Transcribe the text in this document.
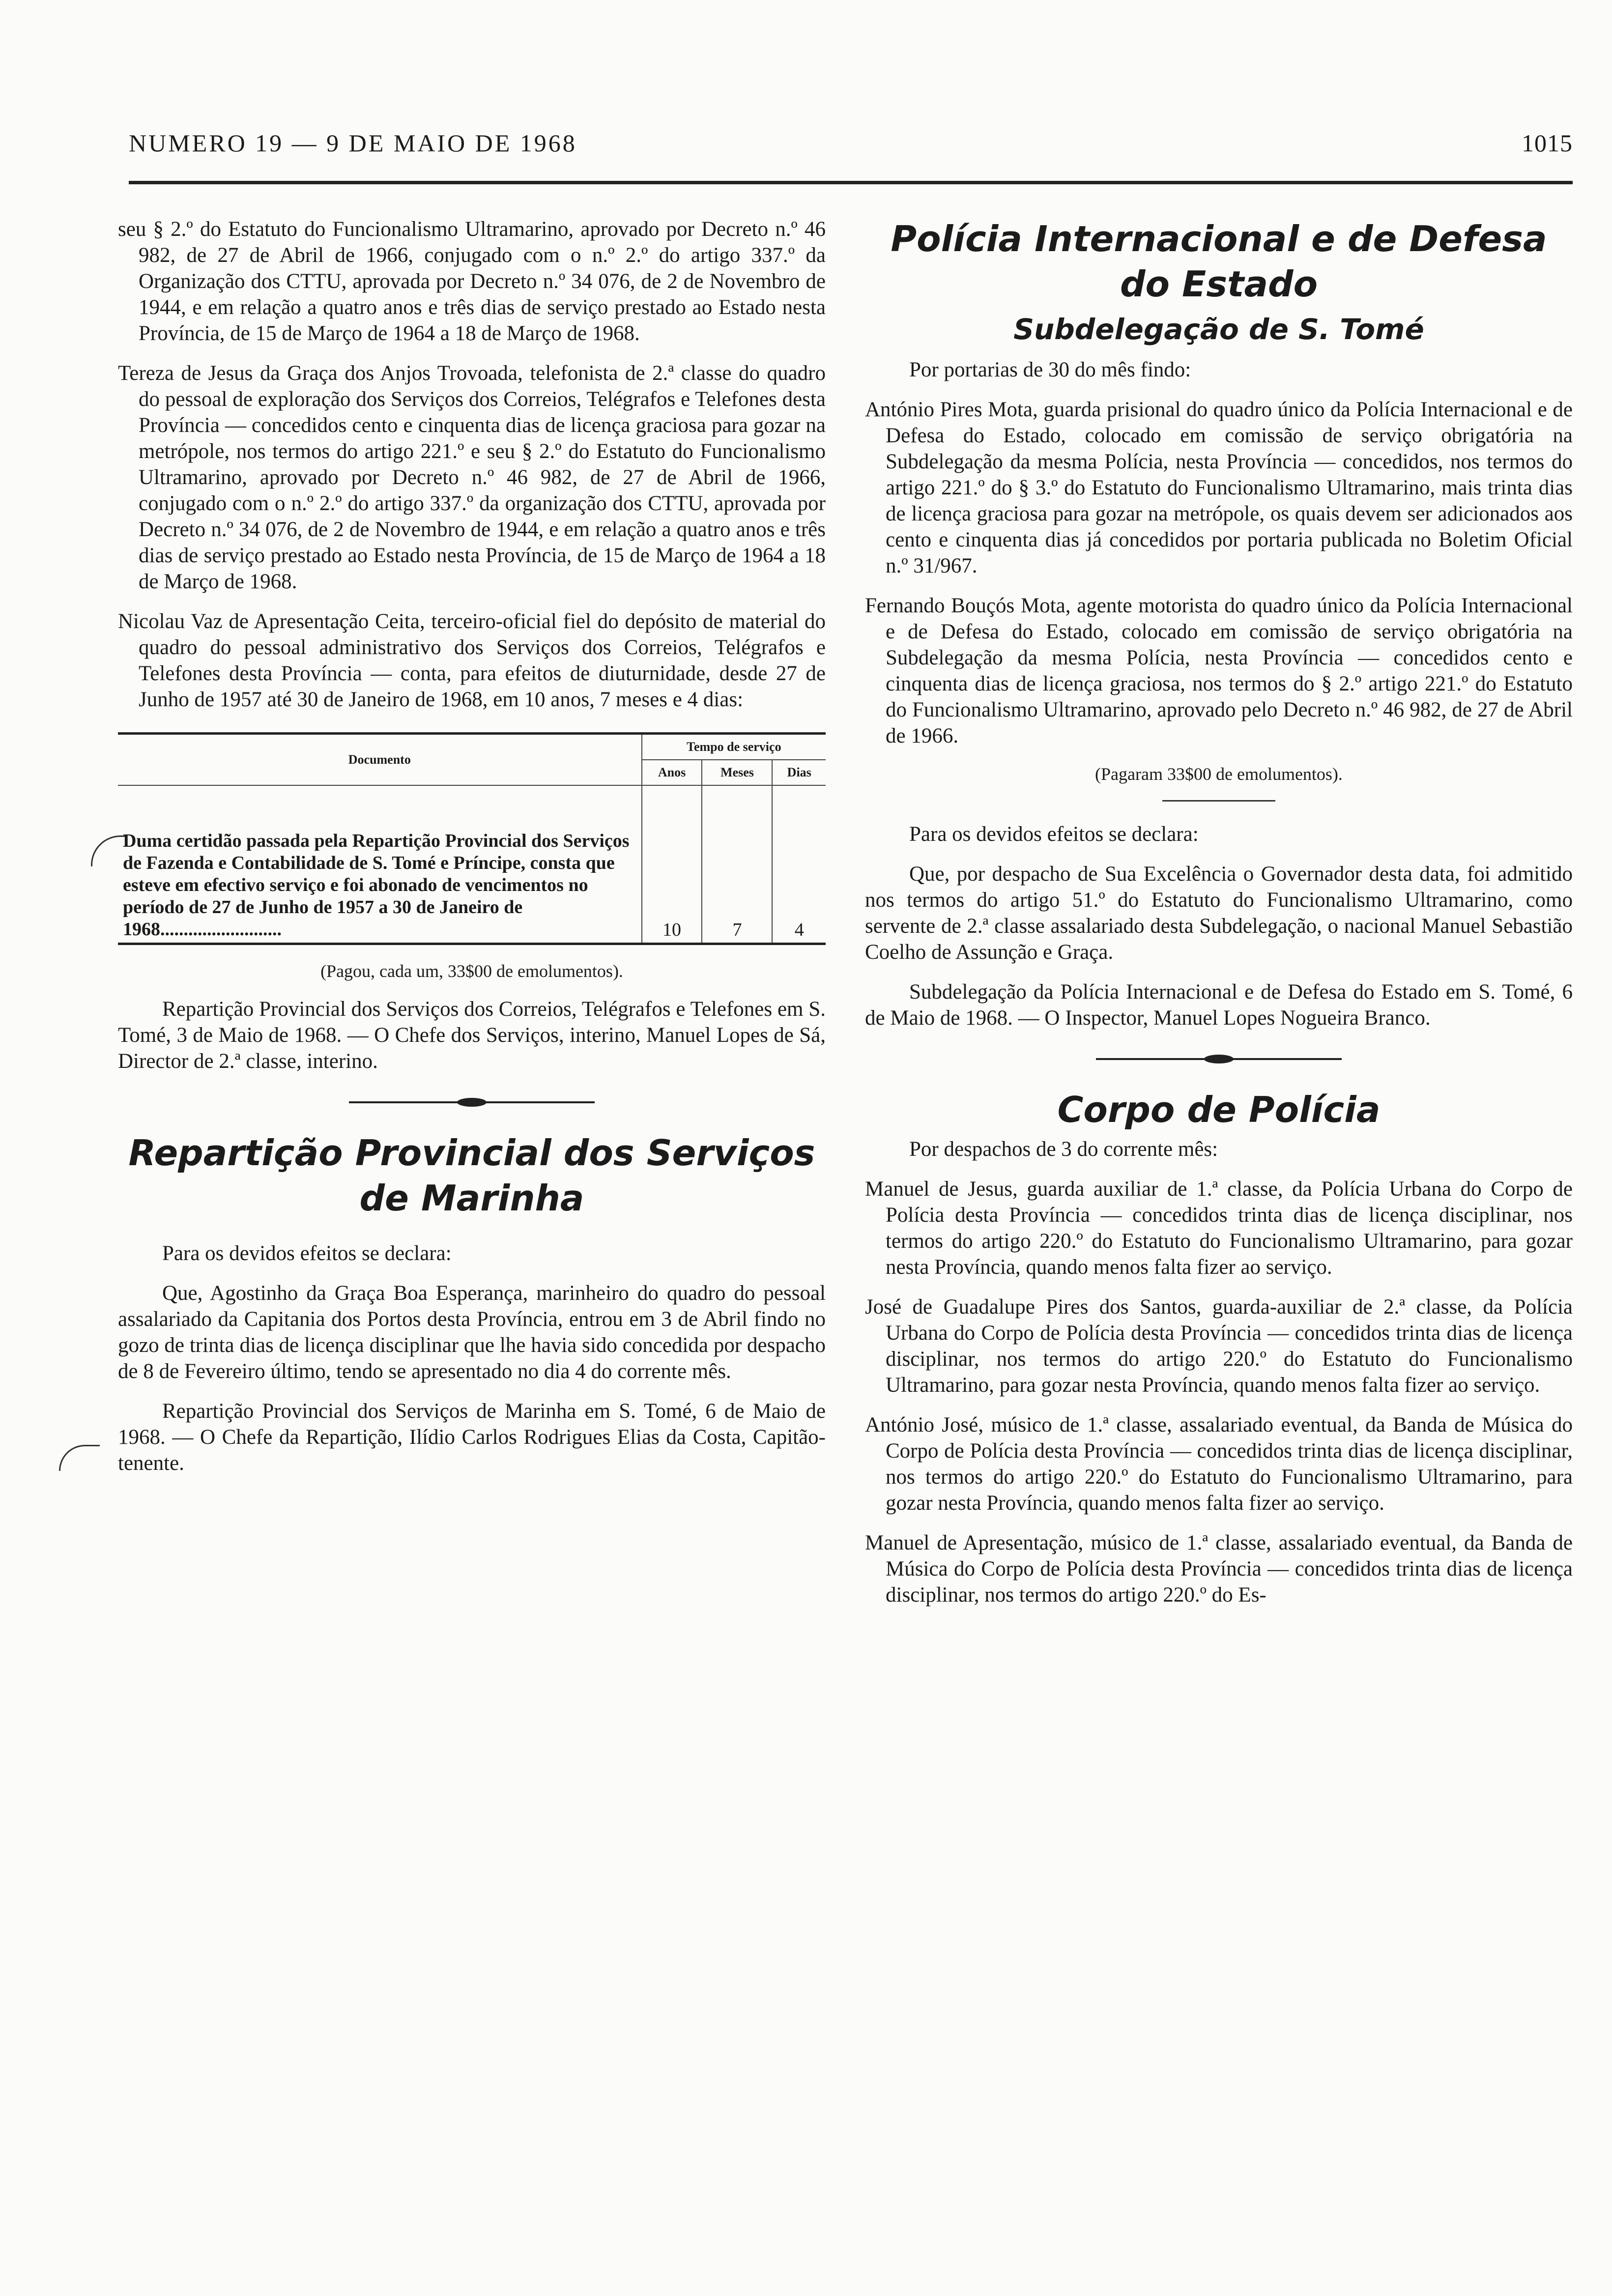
NUMERO 19 — 9 DE MAIO DE 1968	1015

seu § 2.º do Estatuto do Funcionalismo Ultramarino, aprovado por Decreto n.º 46 982, de 27 de Abril de 1966, conjugado com o n.º 2.º do artigo 337.º da Organização dos CTTU, aprovada por Decreto n.º 34 076, de 2 de Novembro de 1944, e em relação a quatro anos e três dias de serviço prestado ao Estado nesta Província, de 15 de Março de 1964 a 18 de Março de 1968.

Tereza de Jesus da Graça dos Anjos Trovoada, telefonista de 2.ª classe do quadro do pessoal de exploração dos Serviços dos Correios, Telégrafos e Telefones desta Província — concedidos cento e cinquenta dias de licença graciosa para gozar na metrópole, nos termos do artigo 221.º e seu § 2.º do Estatuto do Funcionalismo Ultramarino, aprovado por Decreto n.º 46 982, de 27 de Abril de 1966, conjugado com o n.º 2.º do artigo 337.º da organização dos CTTU, aprovada por Decreto n.º 34 076, de 2 de Novembro de 1944, e em relação a quatro anos e três dias de serviço prestado ao Estado nesta Província, de 15 de Março de 1964 a 18 de Março de 1968.

Nicolau Vaz de Apresentação Ceita, terceiro-oficial fiel do depósito de material do quadro do pessoal administrativo dos Serviços dos Correios, Telégrafos e Telefones desta Província — conta, para efeitos de diuturnidade, desde 27 de Junho de 1957 até 30 de Janeiro de 1968, em 10 anos, 7 meses e 4 dias:

Documento	Tempo de serviço		
	Anos	Meses	Dias
Duma certidão passada pela Repartição Provincial dos Serviços de Fazenda e Contabilidade de S. Tomé e Príncipe, consta que esteve em efectivo serviço e foi abonado de vencimentos no período de 27 de Junho de 1957 a 30 de Janeiro de 1968..........................	10	7	4

(Pagou, cada um, 33$00 de emolumentos).

Repartição Provincial dos Serviços dos Correios, Telégrafos e Telefones em S. Tomé, 3 de Maio de 1968. — O Chefe dos Serviços, interino, Manuel Lopes de Sá, Director de 2.ª classe, interino.

Repartição Provincial dos Serviços de Marinha

Para os devidos efeitos se declara:

Que, Agostinho da Graça Boa Esperança, marinheiro do quadro do pessoal assalariado da Capitania dos Portos desta Província, entrou em 3 de Abril findo no gozo de trinta dias de licença disciplinar que lhe havia sido concedida por despacho de 8 de Fevereiro último, tendo se apresentado no dia 4 do corrente mês.

Repartição Provincial dos Serviços de Marinha em S. Tomé, 6 de Maio de 1968. — O Chefe da Repartição, Ilídio Carlos Rodrigues Elias da Costa, Capitão-tenente.

Polícia Internacional e de Defesa do Estado
Subdelegação de S. Tomé

Por portarias de 30 do mês findo:

António Pires Mota, guarda prisional do quadro único da Polícia Internacional e de Defesa do Estado, colocado em comissão de serviço obrigatória na Subdelegação da mesma Polícia, nesta Província — concedidos, nos termos do artigo 221.º do § 3.º do Estatuto do Funcionalismo Ultramarino, mais trinta dias de licença graciosa para gozar na metrópole, os quais devem ser adicionados aos cento e cinquenta dias já concedidos por portaria publicada no Boletim Oficial n.º 31/967.

Fernando Bouçós Mota, agente motorista do quadro único da Polícia Internacional e de Defesa do Estado, colocado em comissão de serviço obrigatória na Subdelegação da mesma Polícia, nesta Província — concedidos cento e cinquenta dias de licença graciosa, nos termos do § 2.º artigo 221.º do Estatuto do Funcionalismo Ultramarino, aprovado pelo Decreto n.º 46 982, de 27 de Abril de 1966.

(Pagaram 33$00 de emolumentos).

Para os devidos efeitos se declara:

Que, por despacho de Sua Excelência o Governador desta data, foi admitido nos termos do artigo 51.º do Estatuto do Funcionalismo Ultramarino, como servente de 2.ª classe assalariado desta Subdelegação, o nacional Manuel Sebastião Coelho de Assunção e Graça.

Subdelegação da Polícia Internacional e de Defesa do Estado em S. Tomé, 6 de Maio de 1968. — O Inspector, Manuel Lopes Nogueira Branco.

Corpo de Polícia

Por despachos de 3 do corrente mês:

Manuel de Jesus, guarda auxiliar de 1.ª classe, da Polícia Urbana do Corpo de Polícia desta Província — concedidos trinta dias de licença disciplinar, nos termos do artigo 220.º do Estatuto do Funcionalismo Ultramarino, para gozar nesta Província, quando menos falta fizer ao serviço.

José de Guadalupe Pires dos Santos, guarda-auxiliar de 2.ª classe, da Polícia Urbana do Corpo de Polícia desta Província — concedidos trinta dias de licença disciplinar, nos termos do artigo 220.º do Estatuto do Funcionalismo Ultramarino, para gozar nesta Província, quando menos falta fizer ao serviço.

António José, músico de 1.ª classe, assalariado eventual, da Banda de Música do Corpo de Polícia desta Província — concedidos trinta dias de licença disciplinar, nos termos do artigo 220.º do Estatuto do Funcionalismo Ultramarino, para gozar nesta Província, quando menos falta fizer ao serviço.

Manuel de Apresentação, músico de 1.ª classe, assalariado eventual, da Banda de Música do Corpo de Polícia desta Província — concedidos trinta dias de licença disciplinar, nos termos do artigo 220.º do Es-
